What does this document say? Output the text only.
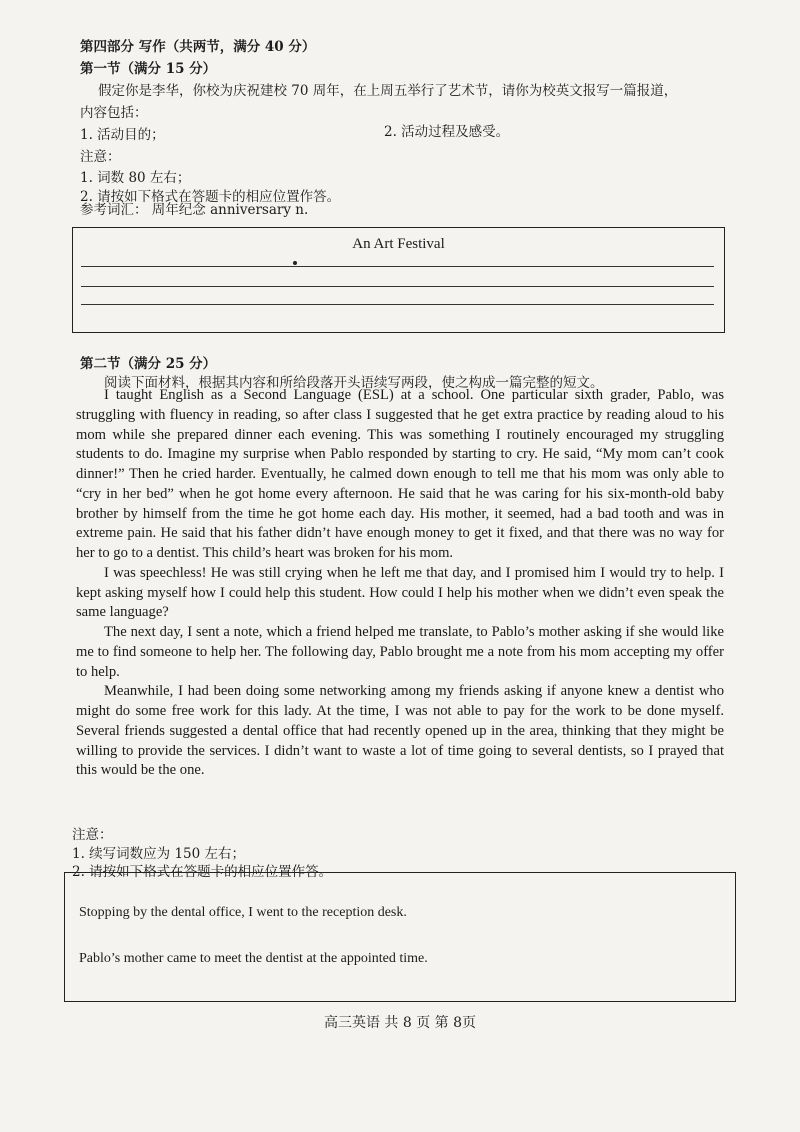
第四部分 写作（共两节，满分 40 分）
第一节（满分 15 分）
假定你是李华，你校为庆祝建校 70 周年，在上周五举行了艺术节，请你为校英文报写一篇报道，
内容包括：
1. 活动目的；	2. 活动过程及感受。
注意：
1. 词数 80 左右；
2. 请按如下格式在答题卡的相应位置作答。
参考词汇： 周年纪念 anniversary n.
An Art Festival
第二节（满分 25 分）
阅读下面材料，根据其内容和所给段落开头语续写两段，使之构成一篇完整的短文。

I taught English as a Second Language (ESL) at a school. One particular sixth grader, Pablo, was struggling with fluency in reading, so after class I suggested that he get extra practice by reading aloud to his mom while she prepared dinner each evening. This was something I routinely encouraged my struggling students to do. Imagine my surprise when Pablo responded by starting to cry. He said, “My mom can’t cook dinner!” Then he cried harder. Eventually, he calmed down enough to tell me that his mom was only able to “cry in her bed” when he got home every afternoon. He said that he was caring for his six-month-old baby brother by himself from the time he got home each day. His mother, it seemed, had a bad tooth and was in extreme pain. He said that his father didn’t have enough money to get it fixed, and that there was no way for her to go to a dentist. This child’s heart was broken for his mom.

I was speechless! He was still crying when he left me that day, and I promised him I would try to help. I kept asking myself how I could help this student. How could I help his mother when we didn’t even speak the same language?

The next day, I sent a note, which a friend helped me translate, to Pablo’s mother asking if she would like me to find someone to help her. The following day, Pablo brought me a note from his mom accepting my offer to help.

Meanwhile, I had been doing some networking among my friends asking if anyone knew a dentist who might do some free work for this lady. At the time, I was not able to pay for the work to be done myself. Several friends suggested a dental office that had recently opened up in the area, thinking that they might be willing to provide the services. I didn’t want to waste a lot of time going to several dentists, so I prayed that this would be the one.

注意：
1. 续写词数应为 150 左右；
2. 请按如下格式在答题卡的相应位置作答。
Stopping by the dental office, I went to the reception desk.
Pablo’s mother came to meet the dentist at the appointed time.
高三英语 共 8 页 第 8页
